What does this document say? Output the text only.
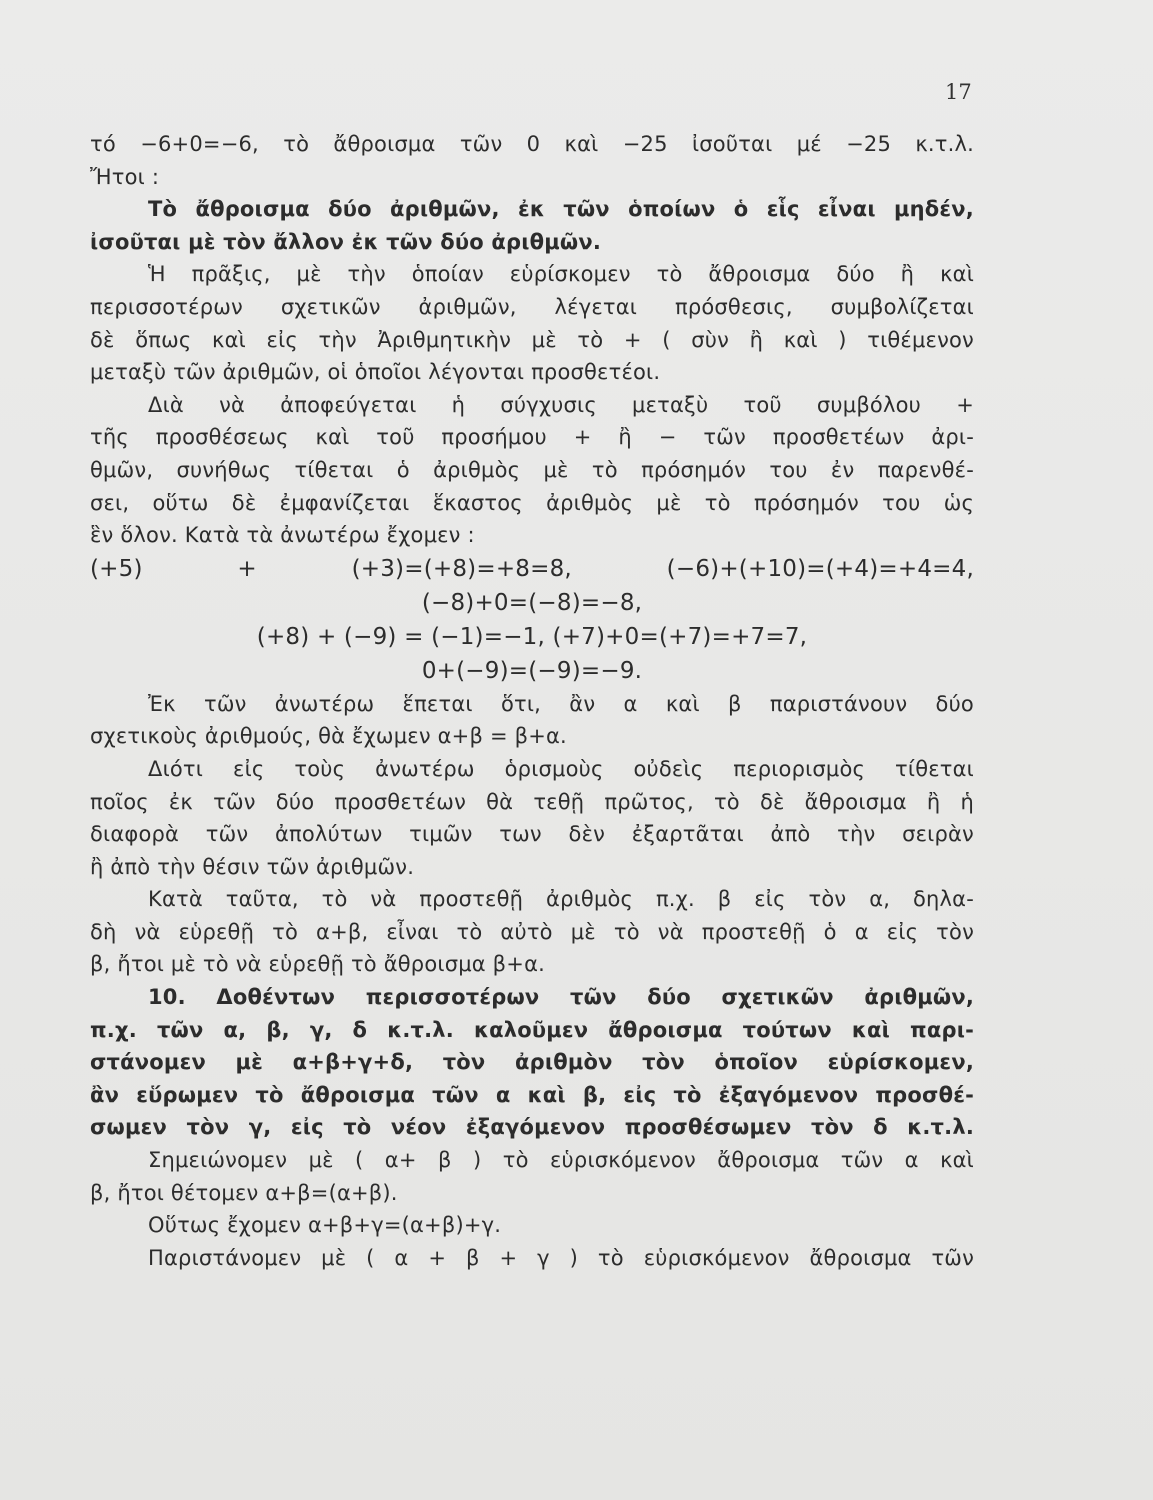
17
τό −6+0=−6, τὸ ἄθροισμα τῶν 0 καὶ −25 ἰσοῦται μέ −25 κ.τ.λ.
Ἤτοι :
Τὸ ἄθροισμα δύο ἀριθμῶν, ἐκ τῶν ὁποίων ὁ εἷς εἶναι μηδέν,
ἰσοῦται μὲ τὸν ἄλλον ἐκ τῶν δύο ἀριθμῶν.
Ἡ πρᾶξις, μὲ τὴν ὁποίαν εὑρίσκομεν τὸ ἄθροισμα δύο ἢ καὶ
περισσοτέρων σχετικῶν ἀριθμῶν, λέγεται πρόσθεσις, συμβολίζεται
δὲ ὅπως καὶ εἰς τὴν Ἀριθμητικὴν μὲ τὸ + ( σὺν ἢ καὶ ) τιθέμενον
μεταξὺ τῶν ἀριθμῶν, οἱ ὁποῖοι λέγονται προσθετέοι.
Διὰ νὰ ἀποφεύγεται ἡ σύγχυσις μεταξὺ τοῦ συμβόλου +
τῆς προσθέσεως καὶ τοῦ προσήμου + ἢ − τῶν προσθετέων ἀρι-
θμῶν, συνήθως τίθεται ὁ ἀριθμὸς μὲ τὸ πρόσημόν του ἐν παρενθέ-
σει, οὕτω δὲ ἐμφανίζεται ἕκαστος ἀριθμὸς μὲ τὸ πρόσημόν του ὡς
ἓν ὅλον. Κατὰ τὰ ἀνωτέρω ἔχομεν :
(+5) + (+3)=(+8)=+8=8, (−6)+(+10)=(+4)=+4=4,
(−8)+0=(−8)=−8,
(+8) + (−9) = (−1)=−1, (+7)+0=(+7)=+7=7,
0+(−9)=(−9)=−9.
Ἐκ τῶν ἀνωτέρω ἕπεται ὅτι, ἂν α καὶ β παριστάνουν δύο
σχετικοὺς ἀριθμούς, θὰ ἔχωμεν α+β = β+α.
Διότι εἰς τοὺς ἀνωτέρω ὁρισμοὺς οὐδεὶς περιορισμὸς τίθεται
ποῖος ἐκ τῶν δύο προσθετέων θὰ τεθῇ πρῶτος, τὸ δὲ ἄθροισμα ἢ ἡ
διαφορὰ τῶν ἀπολύτων τιμῶν των δὲν ἐξαρτᾶται ἀπὸ τὴν σειρὰν
ἢ ἀπὸ τὴν θέσιν τῶν ἀριθμῶν.
Κατὰ ταῦτα, τὸ νὰ προστεθῇ ἀριθμὸς π.χ. β εἰς τὸν α, δηλα-
δὴ νὰ εὑρεθῇ τὸ α+β, εἶναι τὸ αὐτὸ μὲ τὸ νὰ προστεθῇ ὁ α εἰς τὸν
β, ἤτοι μὲ τὸ νὰ εὑρεθῇ τὸ ἄθροισμα β+α.
10. Δοθέντων περισσοτέρων τῶν δύο σχετικῶν ἀριθμῶν,
π.χ. τῶν α, β, γ, δ κ.τ.λ. καλοῦμεν ἄθροισμα τούτων καὶ παρι-
στάνομεν μὲ α+β+γ+δ, τὸν ἀριθμὸν τὸν ὁποῖον εὑρίσκομεν,
ἂν εὕρωμεν τὸ ἄθροισμα τῶν α καὶ β, εἰς τὸ ἐξαγόμενον προσθέ-
σωμεν τὸν γ, εἰς τὸ νέον ἐξαγόμενον προσθέσωμεν τὸν δ κ.τ.λ.
Σημειώνομεν μὲ ( α+ β ) τὸ εὑρισκόμενον ἄθροισμα τῶν α καὶ
β, ἤτοι θέτομεν α+β=(α+β).
Οὕτως ἔχομεν α+β+γ=(α+β)+γ.
Παριστάνομεν μὲ ( α + β + γ ) τὸ εὑρισκόμενον ἄθροισμα τῶν
